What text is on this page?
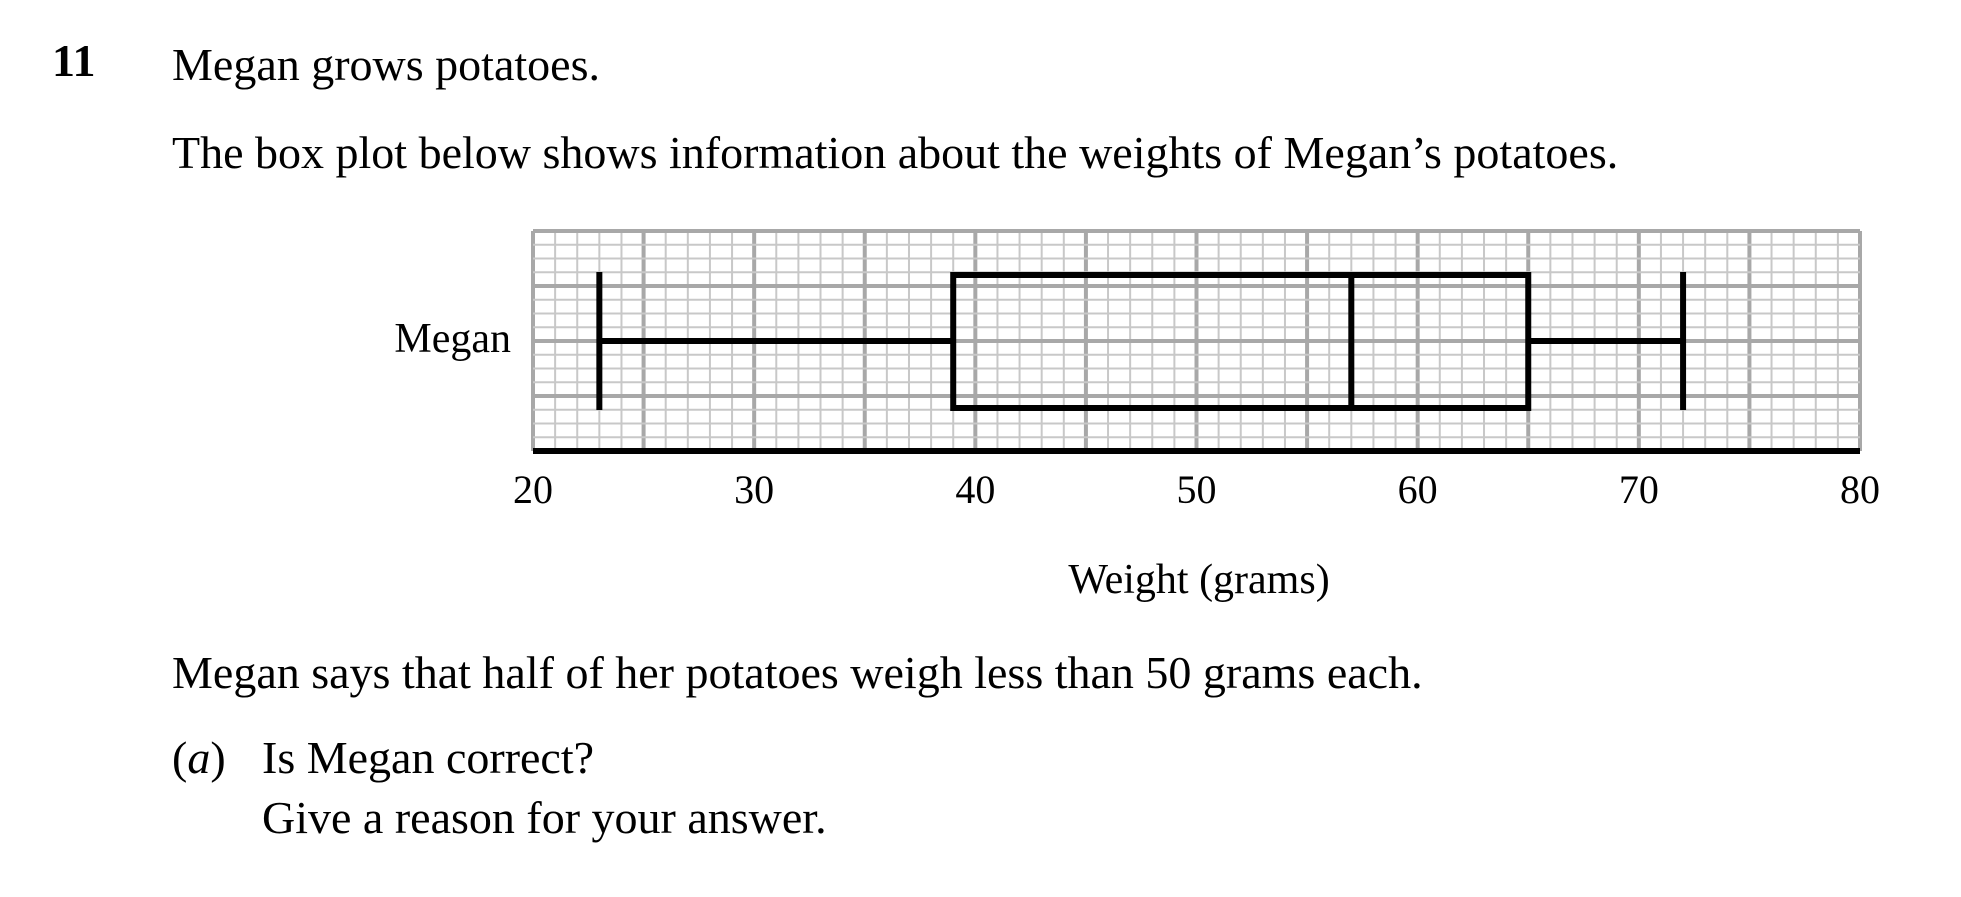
11 Megan grows potatoes.
The box plot below shows information about the weights of Megan’s potatoes.
20	30	40	50	60	70	80
Megan
Weight (grams)
Megan says that half of her potatoes weigh less than 50 grams each.
(a) Is Megan correct?
Give a reason for your answer.
